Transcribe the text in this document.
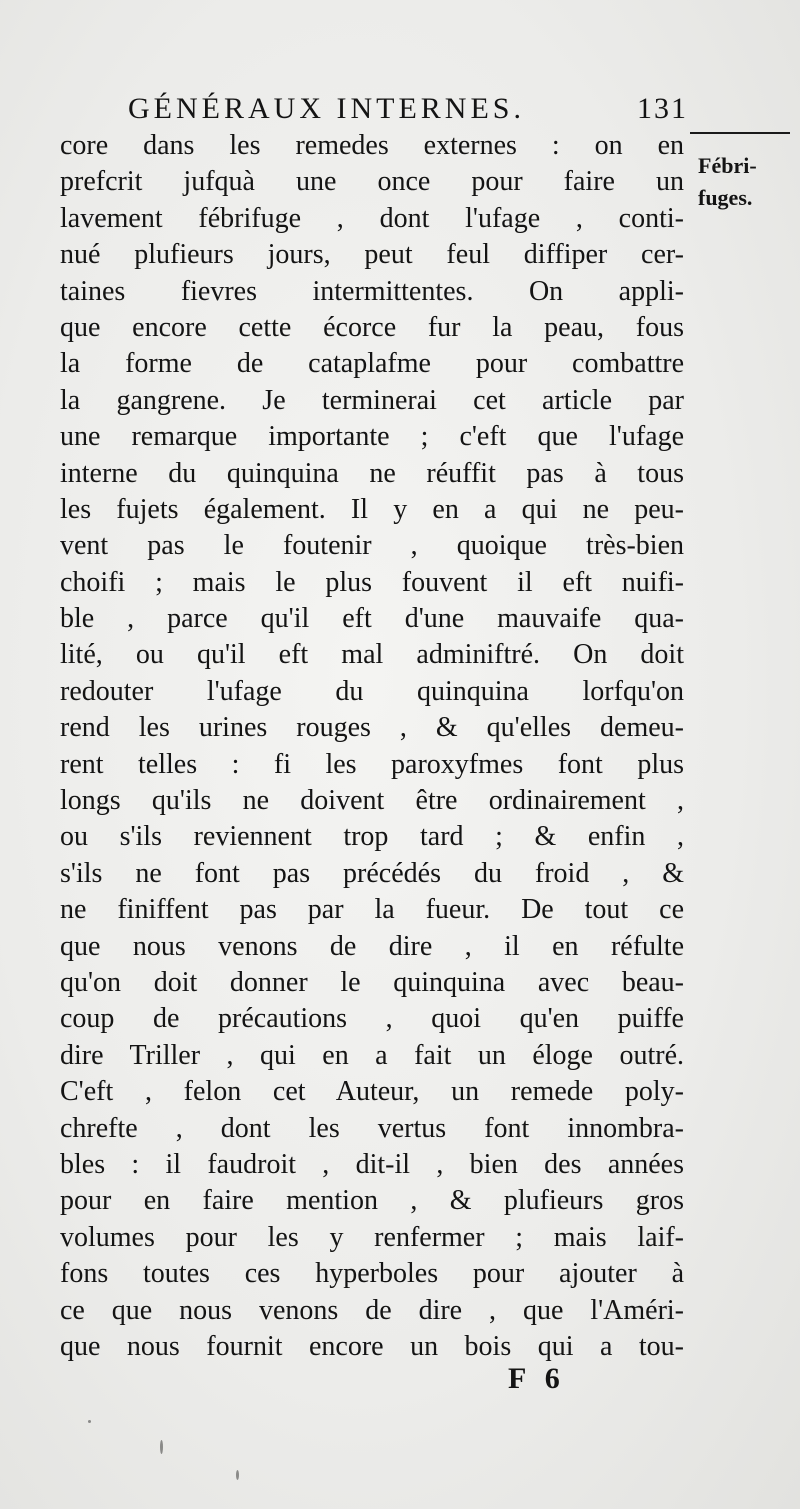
GÉNÉRAUX INTERNES.	131
Fébri-
fuges.
core dans les remedes externes : on en
prefcrit jufquà une once pour faire un
lavement fébrifuge , dont l'ufage , conti-
nué plufieurs jours, peut feul diffiper cer-
taines fievres intermittentes. On appli-
que encore cette écorce fur la peau, fous
la forme de cataplafme pour combattre
la gangrene. Je terminerai cet article par
une remarque importante ; c'eft que l'ufage
interne du quinquina ne réuffit pas à tous
les fujets également. Il y en a qui ne peu-
vent pas le foutenir , quoique très-bien
choifi ; mais le plus fouvent il eft nuifi-
ble , parce qu'il eft d'une mauvaife qua-
lité, ou qu'il eft mal adminiftré. On doit
redouter l'ufage du quinquina lorfqu'on
rend les urines rouges , & qu'elles demeu-
rent telles : fi les paroxyfmes font plus
longs qu'ils ne doivent être ordinairement ,
ou s'ils reviennent trop tard ; & enfin ,
s'ils ne font pas précédés du froid , &
ne finiffent pas par la fueur. De tout ce
que nous venons de dire , il en réfulte
qu'on doit donner le quinquina avec beau-
coup de précautions , quoi qu'en puiffe
dire Triller , qui en a fait un éloge outré.
C'eft , felon cet Auteur, un remede poly-
chrefte , dont les vertus font innombra-
bles : il faudroit , dit-il , bien des années
pour en faire mention , & plufieurs gros
volumes pour les y renfermer ; mais laif-
fons toutes ces hyperboles pour ajouter à
ce que nous venons de dire , que l'Améri-
que nous fournit encore un bois qui a tou-
F 6
